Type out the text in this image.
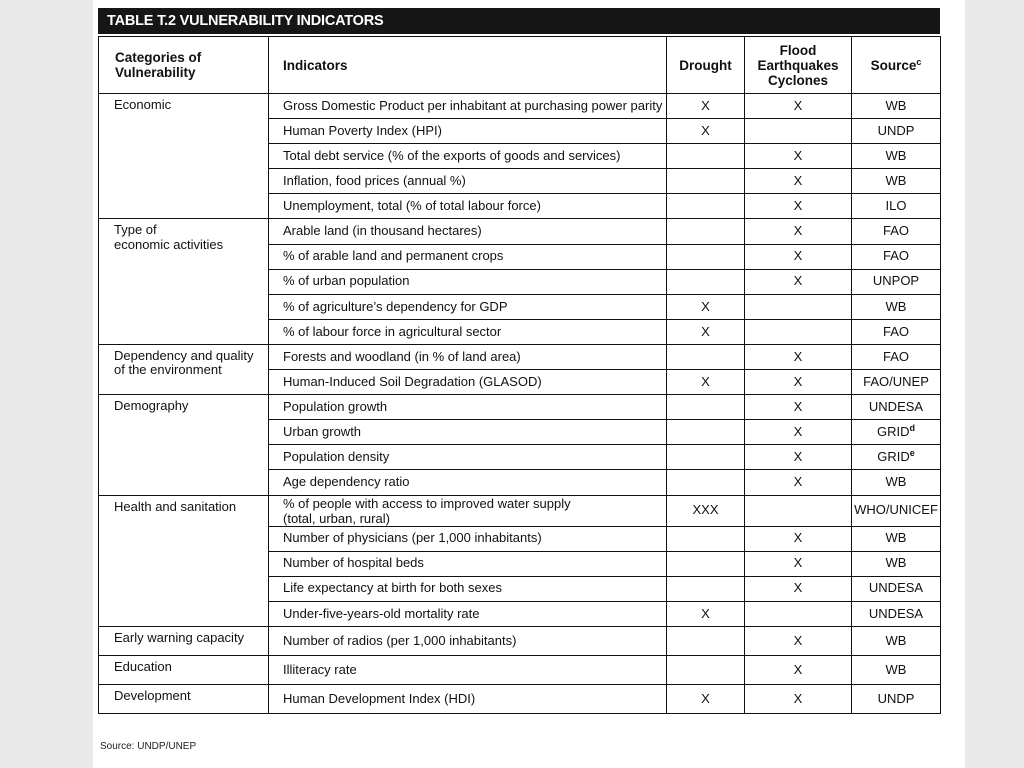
TABLE T.2 VULNERABILITY INDICATORS
Categories of
Vulnerability	Indicators	Drought	Flood
Earthquakes
Cyclones	Source$^c$

Economic	Gross Domestic Product per inhabitant at purchasing power parity	X	X	WB

	Human Poverty Index (HPI)	X		UNDP

	Total debt service (% of the exports of goods and services)		X	WB

	Inflation, food prices (annual %)		X	WB

	Unemployment, total (% of total labour force)		X	ILO

Type of
economic activities	Arable land (in thousand hectares)		X	FAO

	% of arable land and permanent crops		X	FAO

	% of urban population		X	UNPOP

	% of agriculture’s dependency for GDP	X		WB

	% of labour force in agricultural sector	X		FAO

Dependency and quality
of the environment	Forests and woodland (in % of land area)		X	FAO

	Human-Induced Soil Degradation (GLASOD)	X	X	FAO/UNEP

Demography	Population growth		X	UNDESA

	Urban growth		X	GRID$^d$

	Population density		X	GRID$^e$

	Age dependency ratio		X	WB

Health and sanitation	% of people with access to improved water supply
(total, urban, rural)	XXX		WHO/UNICEF

	Number of physicians (per 1,000 inhabitants)		X	WB

	Number of hospital beds		X	WB

	Life expectancy at birth for both sexes		X	UNDESA

	Under-five-years-old mortality rate	X		UNDESA

Early warning capacity	Number of radios (per 1,000 inhabitants)		X	WB

Education	Illiteracy rate		X	WB

Development	Human Development Index (HDI)	X	X	UNDP
Source: UNDP/UNEP
